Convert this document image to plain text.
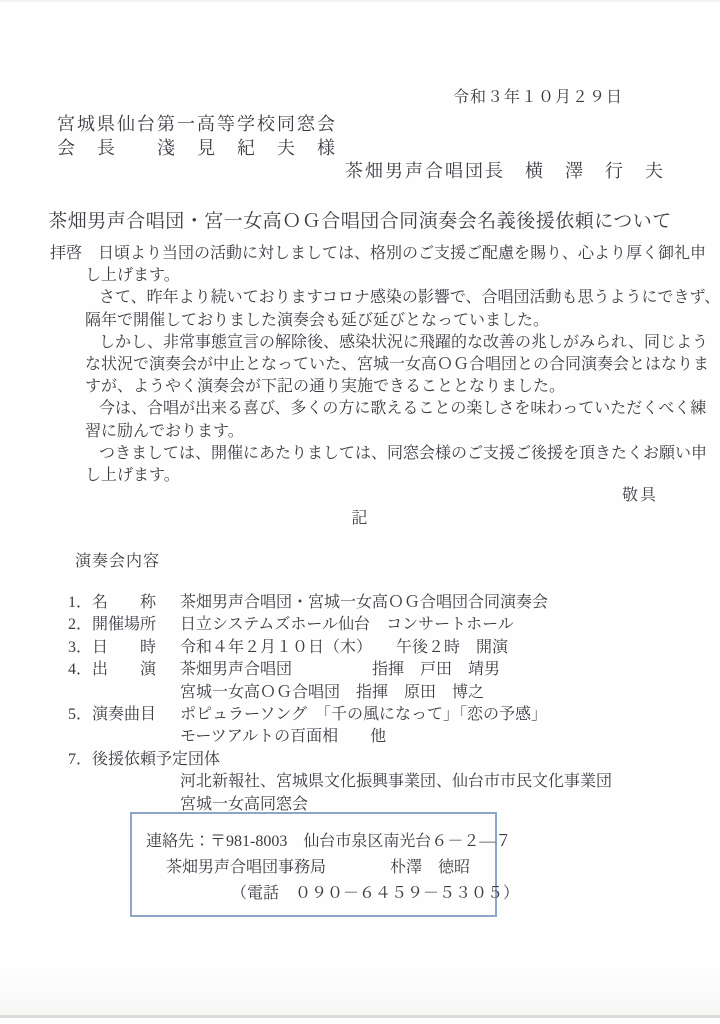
令和３年１０月２９日
宮城県仙台第一高等学校同窓会
会　長　　淺　見　紀　夫　様
茶畑男声合唱団長　横　澤　行　夫
茶畑男声合唱団・宮一女高ＯＧ合唱団合同演奏会名義後援依頼について
拝啓　日頃より当団の活動に対しましては、格別のご支援ご配慮を賜り、心より厚く御礼申
し上げます。
さて、昨年より続いておりますコロナ感染の影響で、合唱団活動も思うようにできず、
隔年で開催しておりました演奏会も延び延びとなっていました。
しかし、非常事態宣言の解除後、感染状況に飛躍的な改善の兆しがみられ、同じよう
な状況で演奏会が中止となっていた、宮城一女高ＯＧ合唱団との合同演奏会とはなりま
すが、ようやく演奏会が下記の通り実施できることとなりました。
今は、合唱が出来る喜び、多くの方に歌えることの楽しさを味わっていただくべく練
習に励んでおります。
つきましては、開催にあたりましては、同窓会様のご支援ご後援を頂きたくお願い申
し上げます。
敬具
記
演奏会内容
1．名　　称	茶畑男声合唱団・宮城一女高ＯＧ合唱団合同演奏会
2．開催場所	日立システムズホール仙台　コンサートホール
3．日　　時	令和４年２月１０日（木）　　午後２時　開演
4．出　　演	茶畑男声合唱団　　　　　指揮　戸田　靖男
宮城一女高ＯＧ合唱団　指揮　原田　博之
5．演奏曲目	ポピュラーソング　「千の風になって」「恋の予感」
モーツアルトの百面相　　他
7．後援依頼予定団体
河北新報社、宮城県文化振興事業団、仙台市市民文化事業団
宮城一女高同窓会
連絡先：〒981-8003　仙台市泉区南光台６－２—７
茶畑男声合唱団事務局　　　　朴澤　徳昭
（電話　０９０－６４５９－５３０５）
